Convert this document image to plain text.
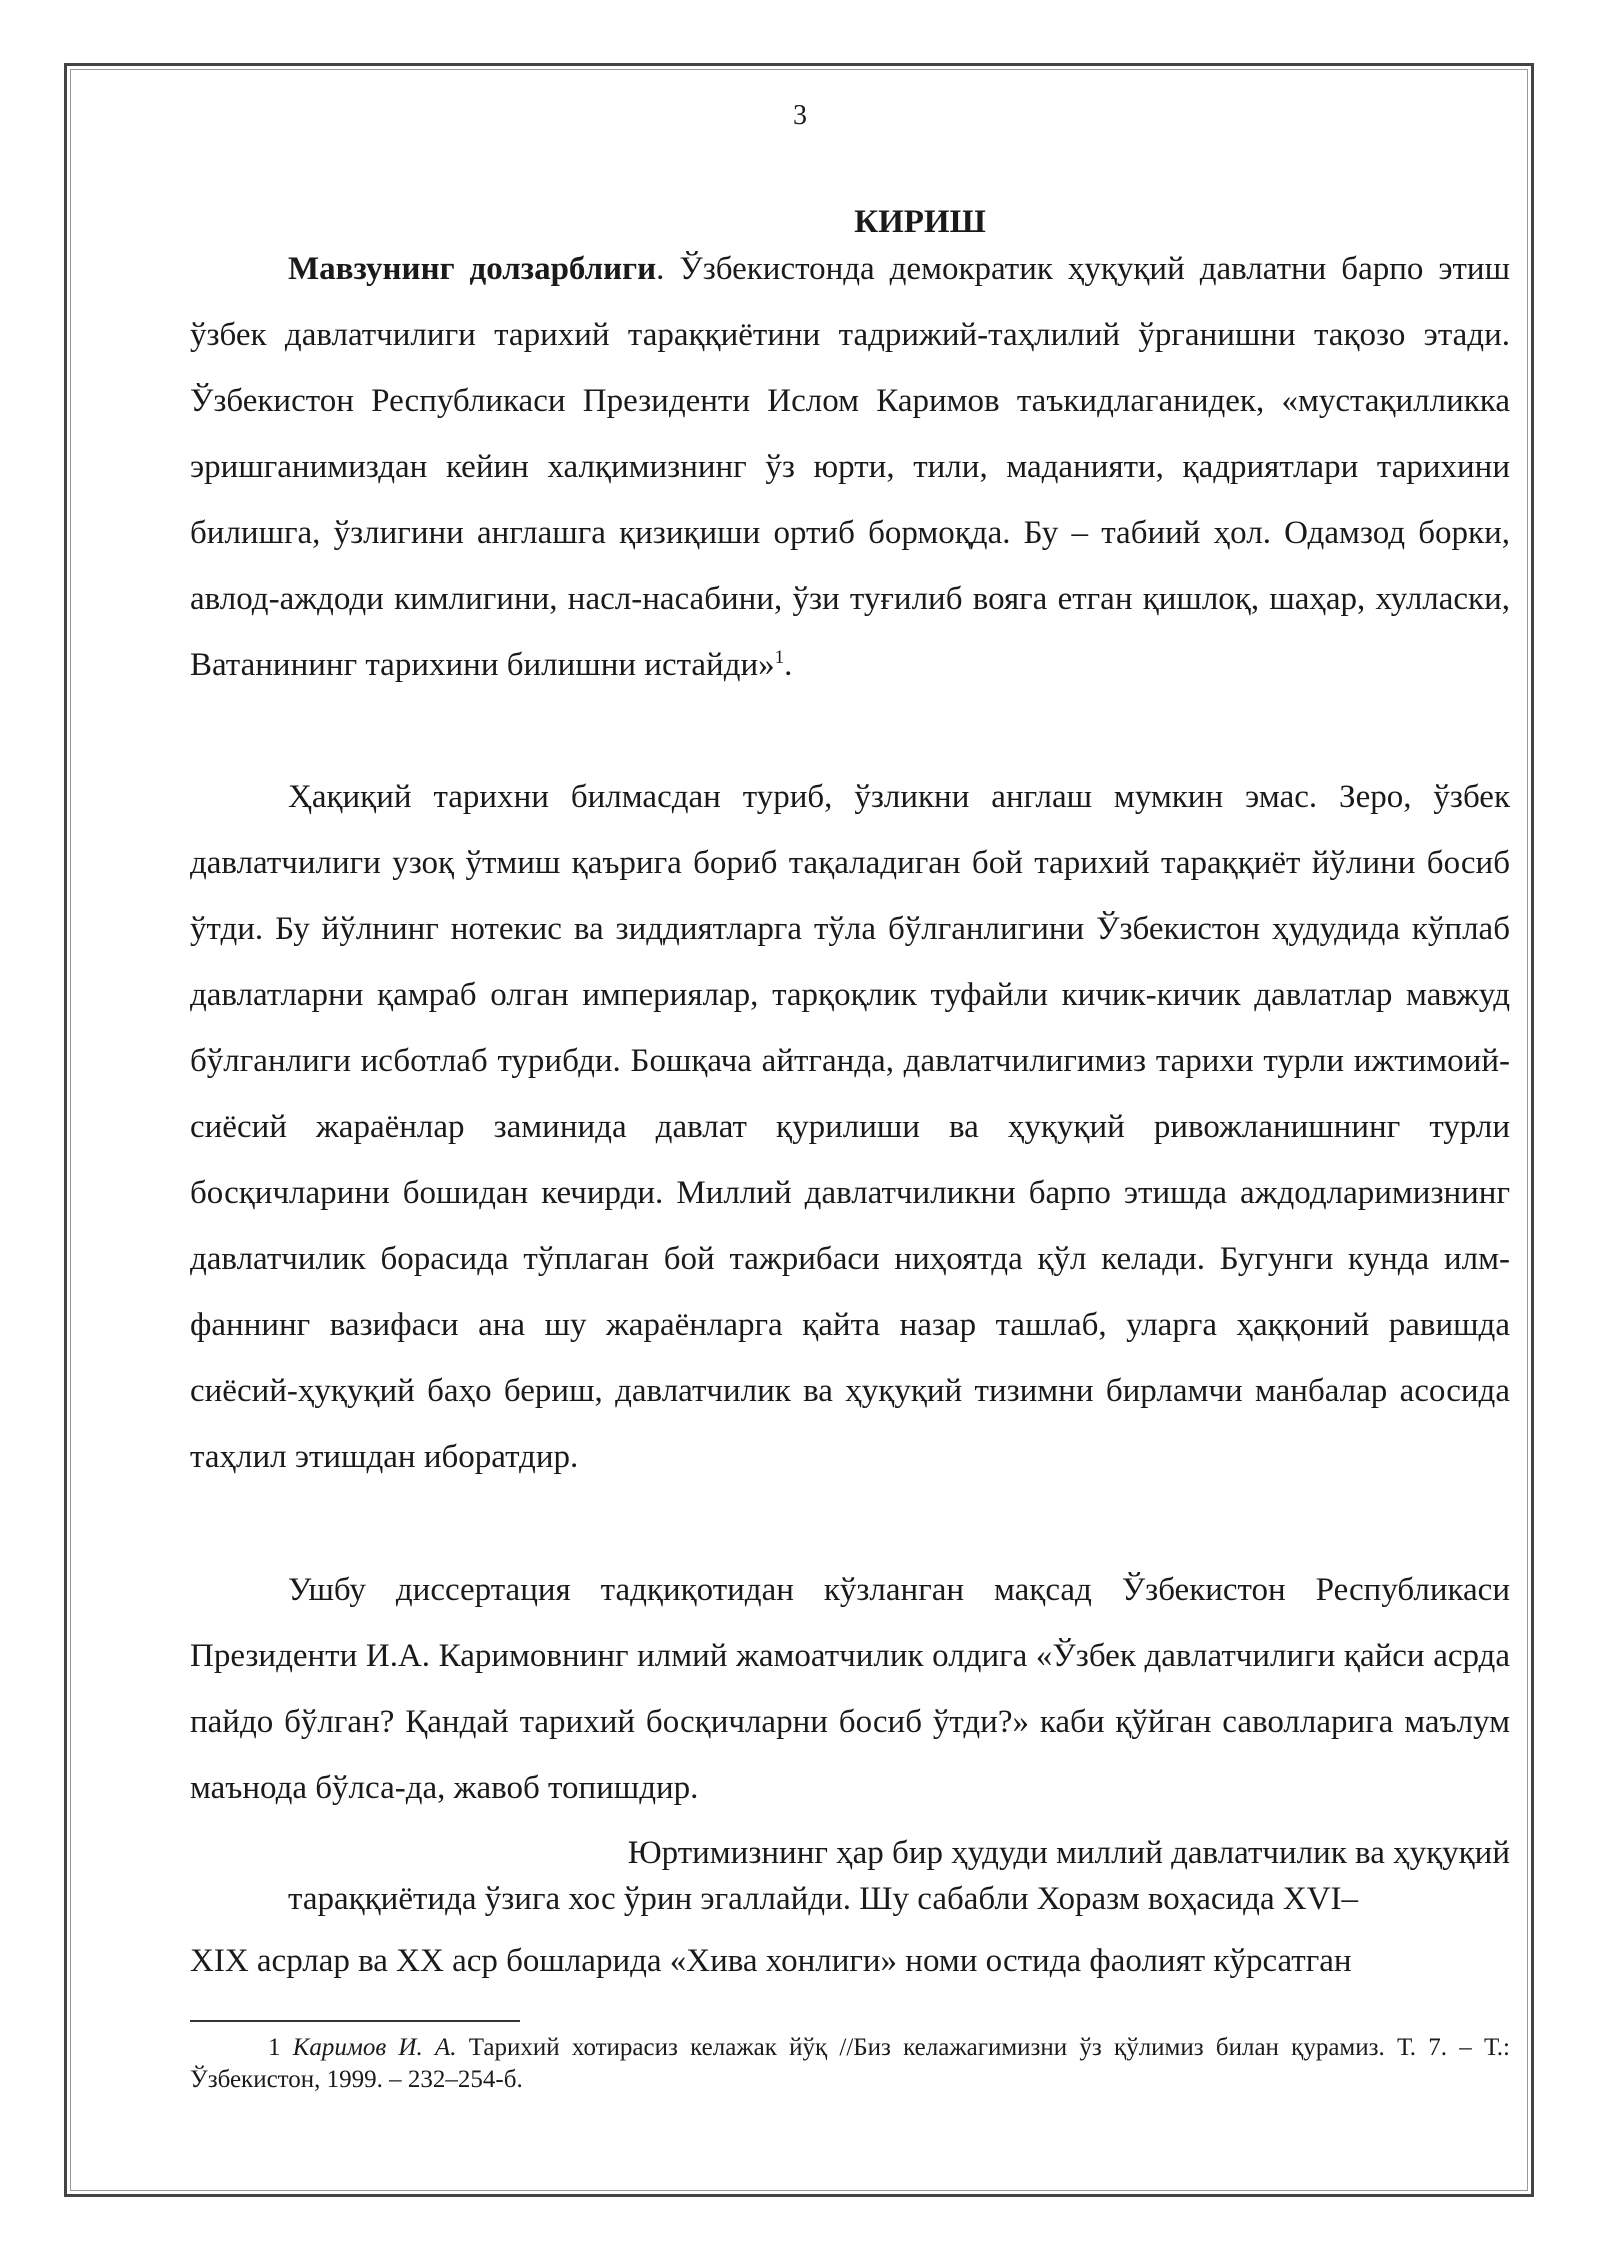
3
КИРИШ

Мавзунинг долзарблиги. Ўзбекистонда демократик ҳуқуқий давлатни барпо этиш ўзбек давлатчилиги тарихий тараққиётини тадрижий-таҳлилий ўрганишни тақозо этади. Ўзбекистон Республикаси Президенти Ислом Каримов таъкидлаганидек, «мустақилликка эришганимиздан кейин халқимизнинг ўз юрти, тили, маданияти, қадриятлари тарихини билишга, ўзлигини англашга қизиқиши ортиб бормоқда. Бу – табиий ҳол. Одамзод борки, авлод-аждоди кимлигини, насл-насабини, ўзи туғилиб вояга етган қишлоқ, шаҳар, хулласки, Ватанининг тарихини билишни истайди»$^1$.

Ҳақиқий тарихни билмасдан туриб, ўзликни англаш мумкин эмас. Зеро, ўзбек давлатчилиги узоқ ўтмиш қаърига бориб тақаладиган бой тарихий тараққиёт йўлини босиб ўтди. Бу йўлнинг нотекис ва зиддиятларга тўла бўлганлигини Ўзбекистон ҳудудида кўплаб давлатларни қамраб олган империялар, тарқоқлик туфайли кичик-кичик давлатлар мавжуд бўлганлиги исботлаб турибди. Бошқача айтганда, давлатчилигимиз тарихи турли ижтимоий-сиёсий жараёнлар заминида давлат қурилиши ва ҳуқуқий ривожланишнинг турли босқичларини бошидан кечирди. Миллий давлатчиликни барпо этишда аждодларимизнинг давлатчилик борасида тўплаган бой тажрибаси ниҳоятда қўл келади. Бугунги кунда илм-фаннинг вазифаси ана шу жараёнларга қайта назар ташлаб, уларга ҳаққоний равишда сиёсий-ҳуқуқий баҳо бериш, давлатчилик ва ҳуқуқий тизимни бирламчи манбалар асосида таҳлил этишдан иборатдир.

Ушбу диссертация тадқиқотидан кўзланган мақсад Ўзбекистон Республикаси Президенти И.А. Каримовнинг илмий жамоатчилик олдига «Ўзбек давлатчилиги қайси асрда пайдо бўлган? Қандай тарихий босқичларни босиб ўтди?» каби қўйган саволларига маълум маънода бўлса-да, жавоб топишдир.

Юртимизнинг ҳар бир ҳудуди миллий давлатчилик ва ҳуқуқий
тараққиётида ўзига хос ўрин эгаллайди. Шу сабабли Хоразм воҳасида XVI–
XIX асрлар ва XX аср бошларида «Хива хонлиги» номи остида фаолият кўрсатган

1 Каримов И. А. Тарихий хотирасиз келажак йўқ //Биз келажагимизни ўз қўлимиз билан қурамиз. Т. 7. – Т.: Ўзбекистон, 1999. – 232–254-б.
